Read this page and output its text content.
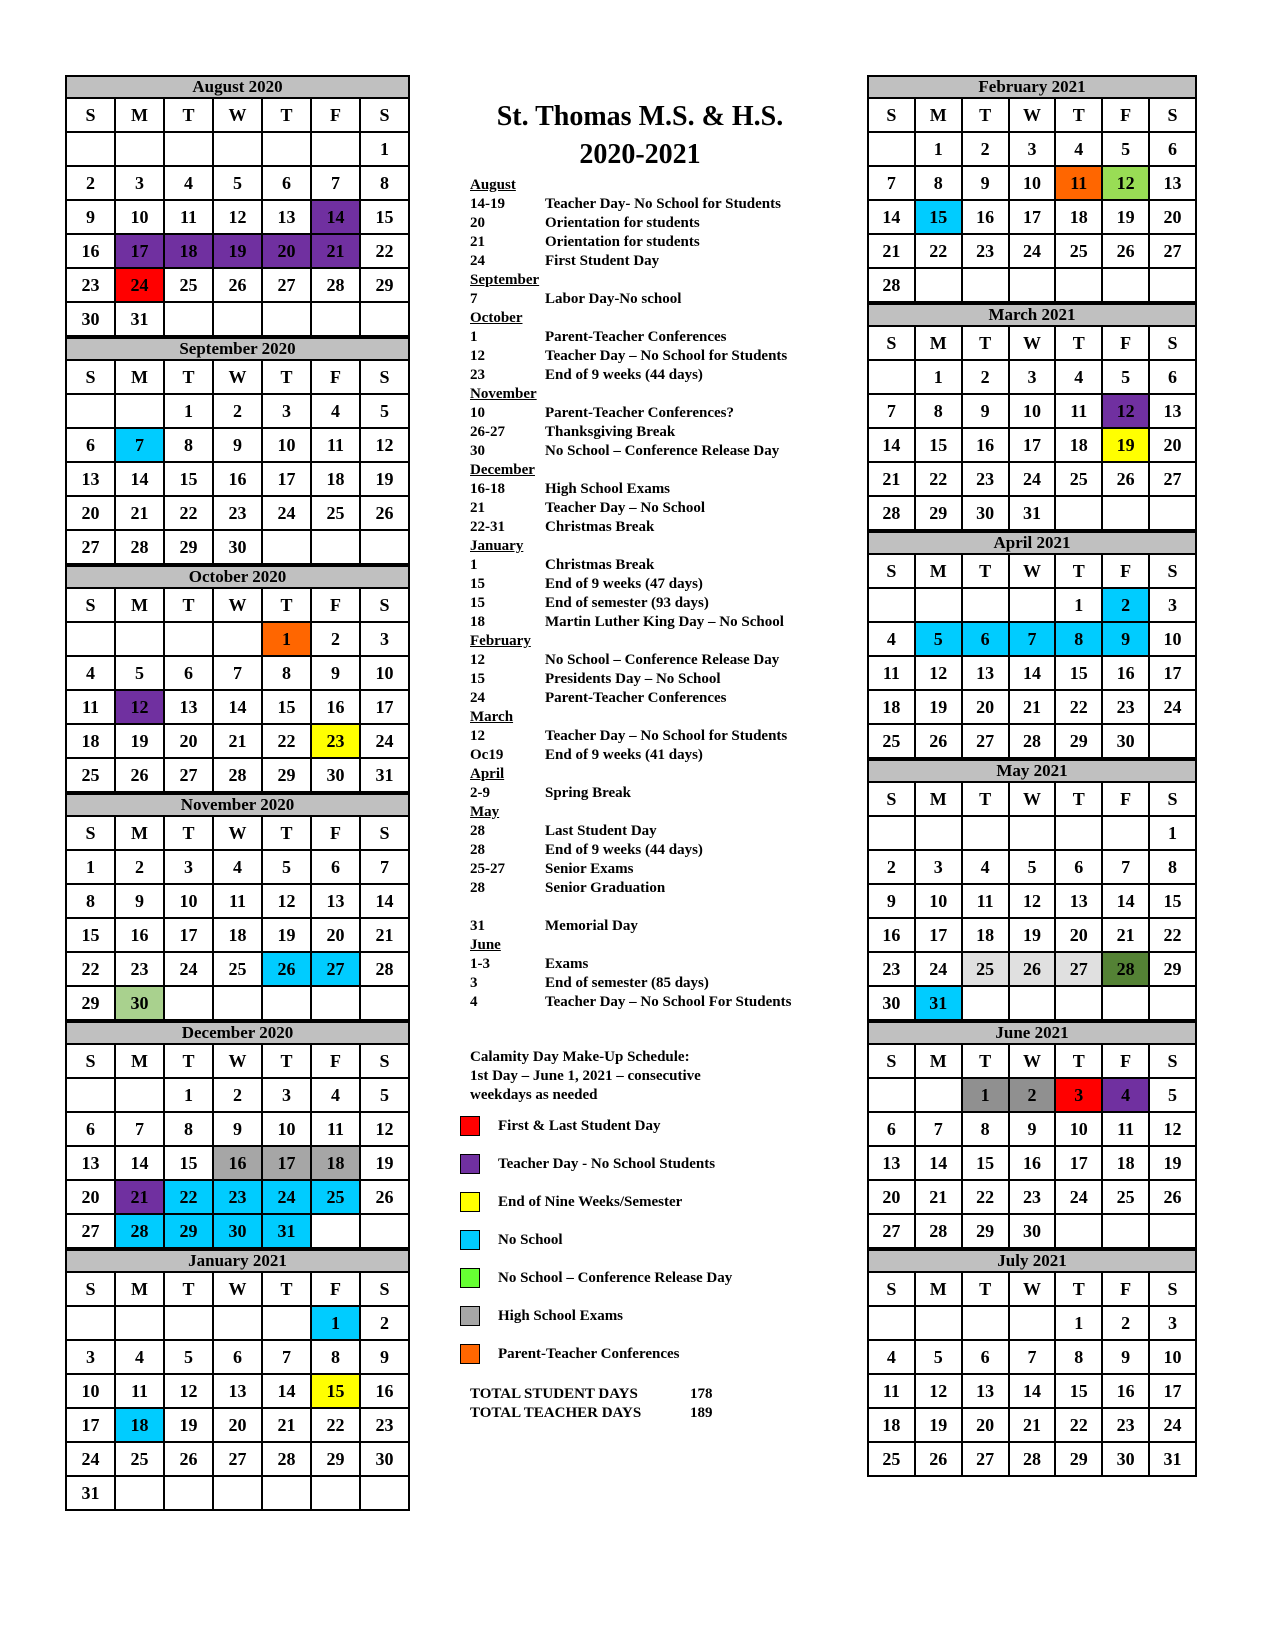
August 2020						
S	M	T	W	T	F	S
						1
2	3	4	5	6	7	8
9	10	11	12	13	14	15
16	17	18	19	20	21	22
23	24	25	26	27	28	29
30	31					
September 2020						
S	M	T	W	T	F	S
		1	2	3	4	5
6	7	8	9	10	11	12
13	14	15	16	17	18	19
20	21	22	23	24	25	26
27	28	29	30			
October 2020						
S	M	T	W	T	F	S
				1	2	3
4	5	6	7	8	9	10
11	12	13	14	15	16	17
18	19	20	21	22	23	24
25	26	27	28	29	30	31
November 2020						
S	M	T	W	T	F	S
1	2	3	4	5	6	7
8	9	10	11	12	13	14
15	16	17	18	19	20	21
22	23	24	25	26	27	28
29	30					
December 2020						
S	M	T	W	T	F	S
		1	2	3	4	5
6	7	8	9	10	11	12
13	14	15	16	17	18	19
20	21	22	23	24	25	26
27	28	29	30	31		
January 2021						
S	M	T	W	T	F	S
					1	2
3	4	5	6	7	8	9
10	11	12	13	14	15	16
17	18	19	20	21	22	23
24	25	26	27	28	29	30
31						
St. Thomas M.S. & H.S.
2020-2021
August
14-19	Teacher Day- No School for Students
20	Orientation for students
21	Orientation for students
24	First Student Day
September
7	Labor Day-No school
October
1	Parent-Teacher Conferences
12	Teacher Day – No School for Students
23	End of 9 weeks (44 days)
November
10	Parent-Teacher Conferences?
26-27	Thanksgiving Break
30	No School – Conference Release Day
December
16-18	High School Exams
21	Teacher Day – No School
22-31	Christmas Break
January
1	Christmas Break
15	End of 9 weeks (47 days)
15	End of semester (93 days)
18	Martin Luther King Day – No School
February
12	No School – Conference Release Day
15	Presidents Day – No School
24	Parent-Teacher Conferences
March
12	Teacher Day – No School for Students
Oc19	End of 9 weeks (41 days)
April
2-9	Spring Break
May
28	Last Student Day
28	End of 9 weeks (44 days)
25-27	Senior Exams
28	Senior Graduation
31	Memorial Day
June
1-3	Exams
3	End of semester (85 days)
4	Teacher Day – No School For Students
Calamity Day Make-Up Schedule:
1st Day – June 1, 2021 – consecutive
weekdays as needed
First & Last Student Day
Teacher Day - No School Students
End of Nine Weeks/Semester
No School
No School – Conference Release Day
High School Exams
Parent-Teacher Conferences
TOTAL STUDENT DAYS	178
TOTAL TEACHER DAYS	189
February 2021						
S	M	T	W	T	F	S
	1	2	3	4	5	6
7	8	9	10	11	12	13
14	15	16	17	18	19	20
21	22	23	24	25	26	27
28						
March 2021						
S	M	T	W	T	F	S
	1	2	3	4	5	6
7	8	9	10	11	12	13
14	15	16	17	18	19	20
21	22	23	24	25	26	27
28	29	30	31			
April 2021						
S	M	T	W	T	F	S
				1	2	3
4	5	6	7	8	9	10
11	12	13	14	15	16	17
18	19	20	21	22	23	24
25	26	27	28	29	30	
May 2021						
S	M	T	W	T	F	S
						1
2	3	4	5	6	7	8
9	10	11	12	13	14	15
16	17	18	19	20	21	22
23	24	25	26	27	28	29
30	31					
June 2021						
S	M	T	W	T	F	S
		1	2	3	4	5
6	7	8	9	10	11	12
13	14	15	16	17	18	19
20	21	22	23	24	25	26
27	28	29	30			
July 2021						
S	M	T	W	T	F	S
				1	2	3
4	5	6	7	8	9	10
11	12	13	14	15	16	17
18	19	20	21	22	23	24
25	26	27	28	29	30	31
